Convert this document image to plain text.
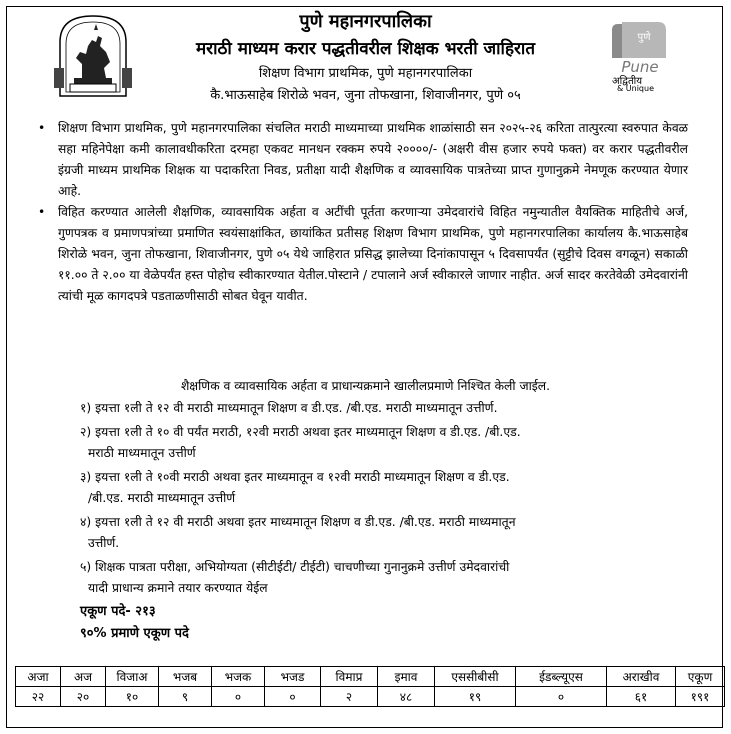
पुणे
Pune
अद्वितीय
& Unique
पुणे महानगरपालिका
मराठी माध्यम करार पद्धतीवरील शिक्षक भरती जाहिरात
शिक्षण विभाग प्राथमिक, पुणे महानगरपालिका
कै.भाऊसाहेब शिरोळे भवन, जुना तोफखाना, शिवाजीनगर, पुणे ०५

• शिक्षण विभाग प्राथमिक, पुणे महानगरपालिका संचलित मराठी माध्यमाच्या प्राथमिक शाळांसाठी सन २०२५-२६ करिता तात्पुरत्या स्वरुपात केवळ सहा महिनेपेक्षा कमी कालावधीकरिता दरमहा एकवट मानधन रक्कम रुपये २००००/- (अक्षरी वीस हजार रुपये फक्त) वर करार पद्धतीवरील इंग्रजी माध्यम प्राथमिक शिक्षक या पदाकरिता निवड, प्रतीक्षा यादी शैक्षणिक व व्यावसायिक पात्रतेच्या प्राप्त गुणानुक्रमे नेमणूक करण्यात येणार आहे.

• विहित करण्यात आलेली शैक्षणिक, व्यावसायिक अर्हता व अटींची पूर्तता करणाऱ्या उमेदवारांचे विहित नमुन्यातील वैयक्तिक माहितीचे अर्ज, गुणपत्रक व प्रमाणपत्रांच्या प्रमाणित स्वयंसाक्षांकित, छायांकित प्रतीसह शिक्षण विभाग प्राथमिक, पुणे महानगरपालिका कार्यालय कै.भाऊसाहेब शिरोळे भवन, जुना तोफखाना, शिवाजीनगर, पुणे ०५ येथे जाहिरात प्रसिद्ध झालेच्या दिनांकापासून ५ दिवसापर्यंत (सुट्टीचे दिवस वगळून) सकाळी ११.०० ते २.०० या वेळेपर्यंत हस्त पोहोच स्वीकारण्यात येतील.पोस्टाने / टपालाने अर्ज स्वीकारले जाणार नाहीत. अर्ज सादर करतेवेळी उमेदवारांनी त्यांची मूळ कागदपत्रे पडताळणीसाठी सोबत घेवून यावीत.

शैक्षणिक व व्यावसायिक अर्हता व प्राधान्यक्रमाने खालीलप्रमाणे निश्चित केली जाईल.
१) इयत्ता १ली ते १२ वी मराठी माध्यमातून शिक्षण व डी.एड. /बी.एड. मराठी माध्यमातून उत्तीर्ण.
२) इयत्ता १ली ते १० वी पर्यंत मराठी, १२वी मराठी अथवा इतर माध्यमातून शिक्षण व डी.एड. /बी.एड.
मराठी माध्यमातून उत्तीर्ण
३) इयत्ता १ली ते १०वी मराठी अथवा इतर माध्यमातून व १२वी मराठी माध्यमातून शिक्षण व डी.एड.
/बी.एड. मराठी माध्यमातून उत्तीर्ण
४) इयत्ता १ली ते १२ वी मराठी अथवा इतर माध्यमातून शिक्षण व डी.एड. /बी.एड. मराठी माध्यमातून
उत्तीर्ण.
५) शिक्षक पात्रता परीक्षा, अभियोग्यता (सीटीईटी/ टीईटी) चाचणीच्या गुनानुक्रमे उत्तीर्ण उमेदवारांची
यादी प्राधान्य क्रमाने तयार करण्यात येईल
एकूण पदे- २१३
९०% प्रमाणे एकूण पदे
अजा	अज	विजाअ	भजब	भजक	भजड	विमाप्र	इमाव	एससीबीसी	ईडब्ल्यूएस	अराखीव	एकूण
२२	२०	१०	९	०	०	२	४८	१९	०	६१	१९१
